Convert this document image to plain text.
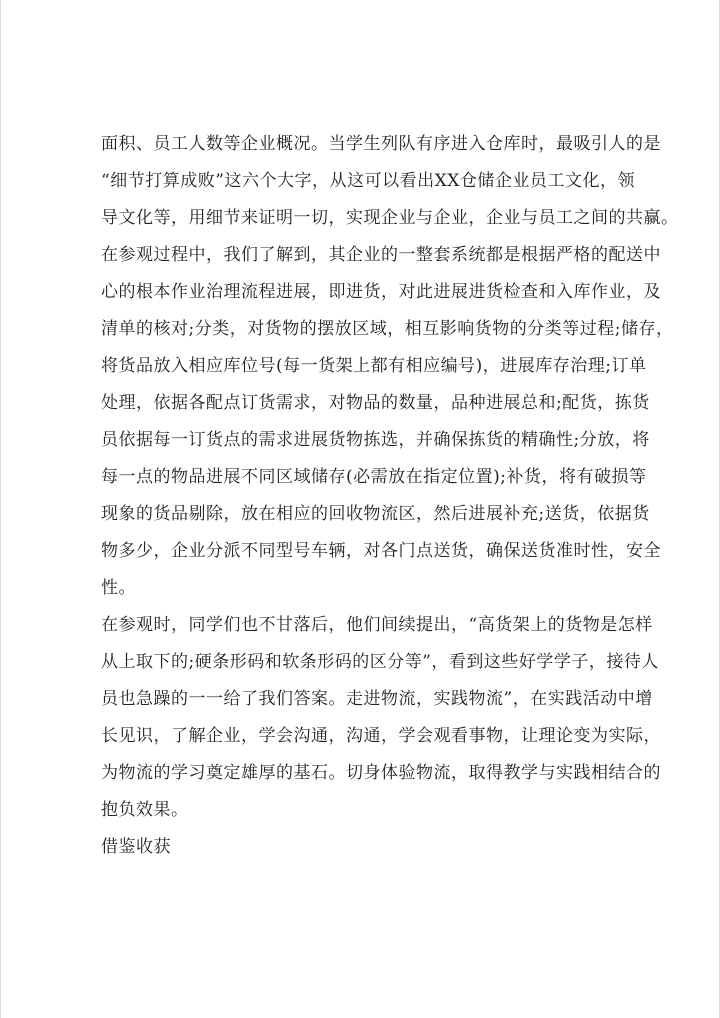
面积、员工人数等企业概况。当学生列队有序进入仓库时，最吸引人的是
“细节打算成败”这六个大字，从这可以看出XX仓储企业员工文化，领
导文化等，用细节来证明一切，实现企业与企业，企业与员工之间的共赢。
在参观过程中，我们了解到，其企业的一整套系统都是根据严格的配送中
心的根本作业治理流程进展，即进货，对此进展进货检查和入库作业，及
清单的核对;分类，对货物的摆放区域，相互影响货物的分类等过程;储存，
将货品放入相应库位号(每一货架上都有相应编号)，进展库存治理;订单
处理，依据各配点订货需求，对物品的数量，品种进展总和;配货，拣货
员依据每一订货点的需求进展货物拣选，并确保拣货的精确性;分放，将
每一点的物品进展不同区域储存(必需放在指定位置);补货，将有破损等
现象的货品剔除，放在相应的回收物流区，然后进展补充;送货，依据货
物多少，企业分派不同型号车辆，对各门点送货，确保送货准时性，安全
性。
在参观时，同学们也不甘落后，他们间续提出，“高货架上的货物是怎样
从上取下的;硬条形码和软条形码的区分等”，看到这些好学学子，接待人
员也急躁的一一给了我们答案。走进物流，实践物流”，在实践活动中增
长见识，了解企业，学会沟通，沟通，学会观看事物，让理论变为实际，
为物流的学习奠定雄厚的基石。切身体验物流，取得教学与实践相结合的
抱负效果。
借鉴收获
